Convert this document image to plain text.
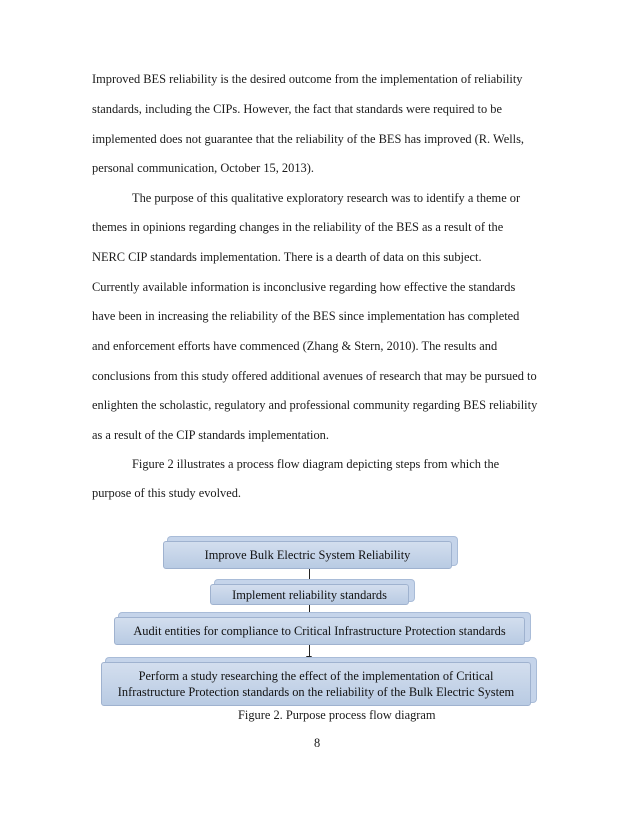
Improved BES reliability is the desired outcome from the implementation of reliability
standards, including the CIPs. However, the fact that standards were required to be
implemented does not guarantee that the reliability of the BES has improved (R. Wells,
personal communication, October 15, 2013).
The purpose of this qualitative exploratory research was to identify a theme or
themes in opinions regarding changes in the reliability of the BES as a result of the
NERC CIP standards implementation. There is a dearth of data on this subject.
Currently available information is inconclusive regarding how effective the standards
have been in increasing the reliability of the BES since implementation has completed
and enforcement efforts have commenced (Zhang & Stern, 2010). The results and
conclusions from this study offered additional avenues of research that may be pursued to
enlighten the scholastic, regulatory and professional community regarding BES reliability
as a result of the CIP standards implementation.
Figure 2 illustrates a process flow diagram depicting steps from which the
purpose of this study evolved.
Improve Bulk Electric System Reliability
Implement reliability standards
Audit entities for compliance to Critical Infrastructure Protection standards
Perform a study researching the effect of the implementation of Critical
Infrastructure Protection standards on the reliability of the Bulk Electric System
Figure 2. Purpose process flow diagram
8
